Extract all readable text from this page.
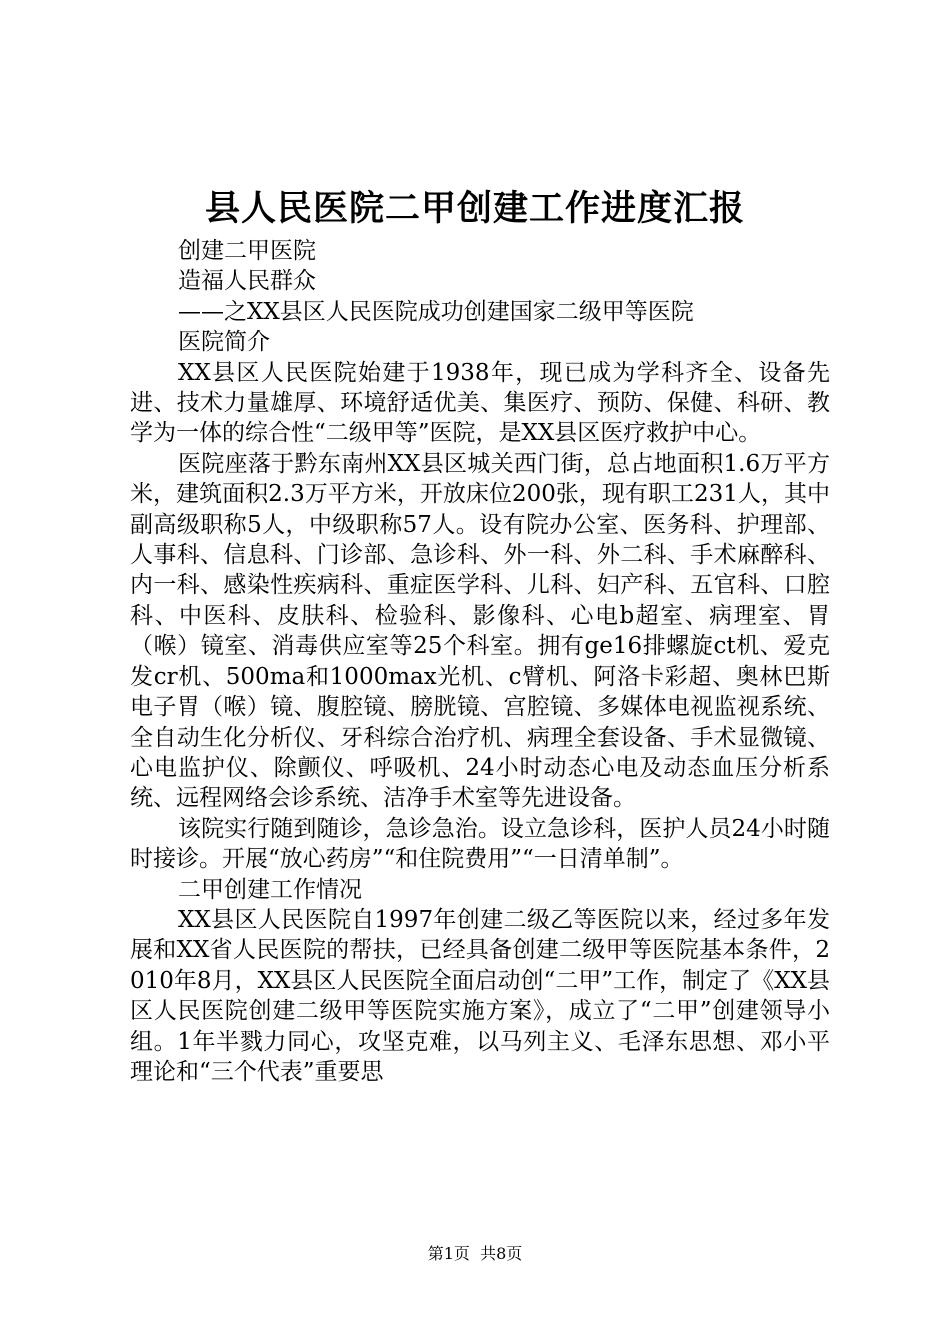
县人民医院二甲创建工作进度汇报

创建二甲医院

造福人民群众

——之XX县区人民医院成功创建国家二级甲等医院

医院简介

XX县区人民医院始建于1938年，现已成为学科齐全、设备先进、技术力量雄厚、环境舒适优美、集医疗、预防、保健、科研、教学为一体的综合性“二级甲等”医院，是XX县区医疗救护中心。

医院座落于黔东南州XX县区城关西门街，总占地面积1.6万平方米，建筑面积2.3万平方米，开放床位200张，现有职工231人，其中副高级职称5人，中级职称57人。设有院办公室、医务科、护理部、人事科、信息科、门诊部、急诊科、外一科、外二科、手术麻醉科、内一科、感染性疾病科、重症医学科、儿科、妇产科、五官科、口腔科、中医科、皮肤科、检验科、影像科、心电b超室、病理室、胃（喉）镜室、消毒供应室等25个科室。拥有ge16排螺旋ct机、爱克发cr机、500ma和1000max光机、c臂机、阿洛卡彩超、奥林巴斯电子胃（喉）镜、腹腔镜、膀胱镜、宫腔镜、多媒体电视监视系统、全自动生化分析仪、牙科综合治疗机、病理全套设备、手术显微镜、心电监护仪、除颤仪、呼吸机、24小时动态心电及动态血压分析系统、远程网络会诊系统、洁净手术室等先进设备。

该院实行随到随诊，急诊急治。设立急诊科，医护人员24小时随时接诊。开展“放心药房”“和住院费用”“一日清单制”。

二甲创建工作情况

XX县区人民医院自1997年创建二级乙等医院以来，经过多年发展和XX省人民医院的帮扶，已经具备创建二级甲等医院基本条件，2010年8月，XX县区人民医院全面启动创“二甲”工作，制定了《XX县区人民医院创建二级甲等医院实施方案》，成立了“二甲”创建领导小组。1年半戮力同心，攻坚克难，以马列主义、毛泽东思想、邓小平理论和“三个代表”重要思

第1页  共8页
